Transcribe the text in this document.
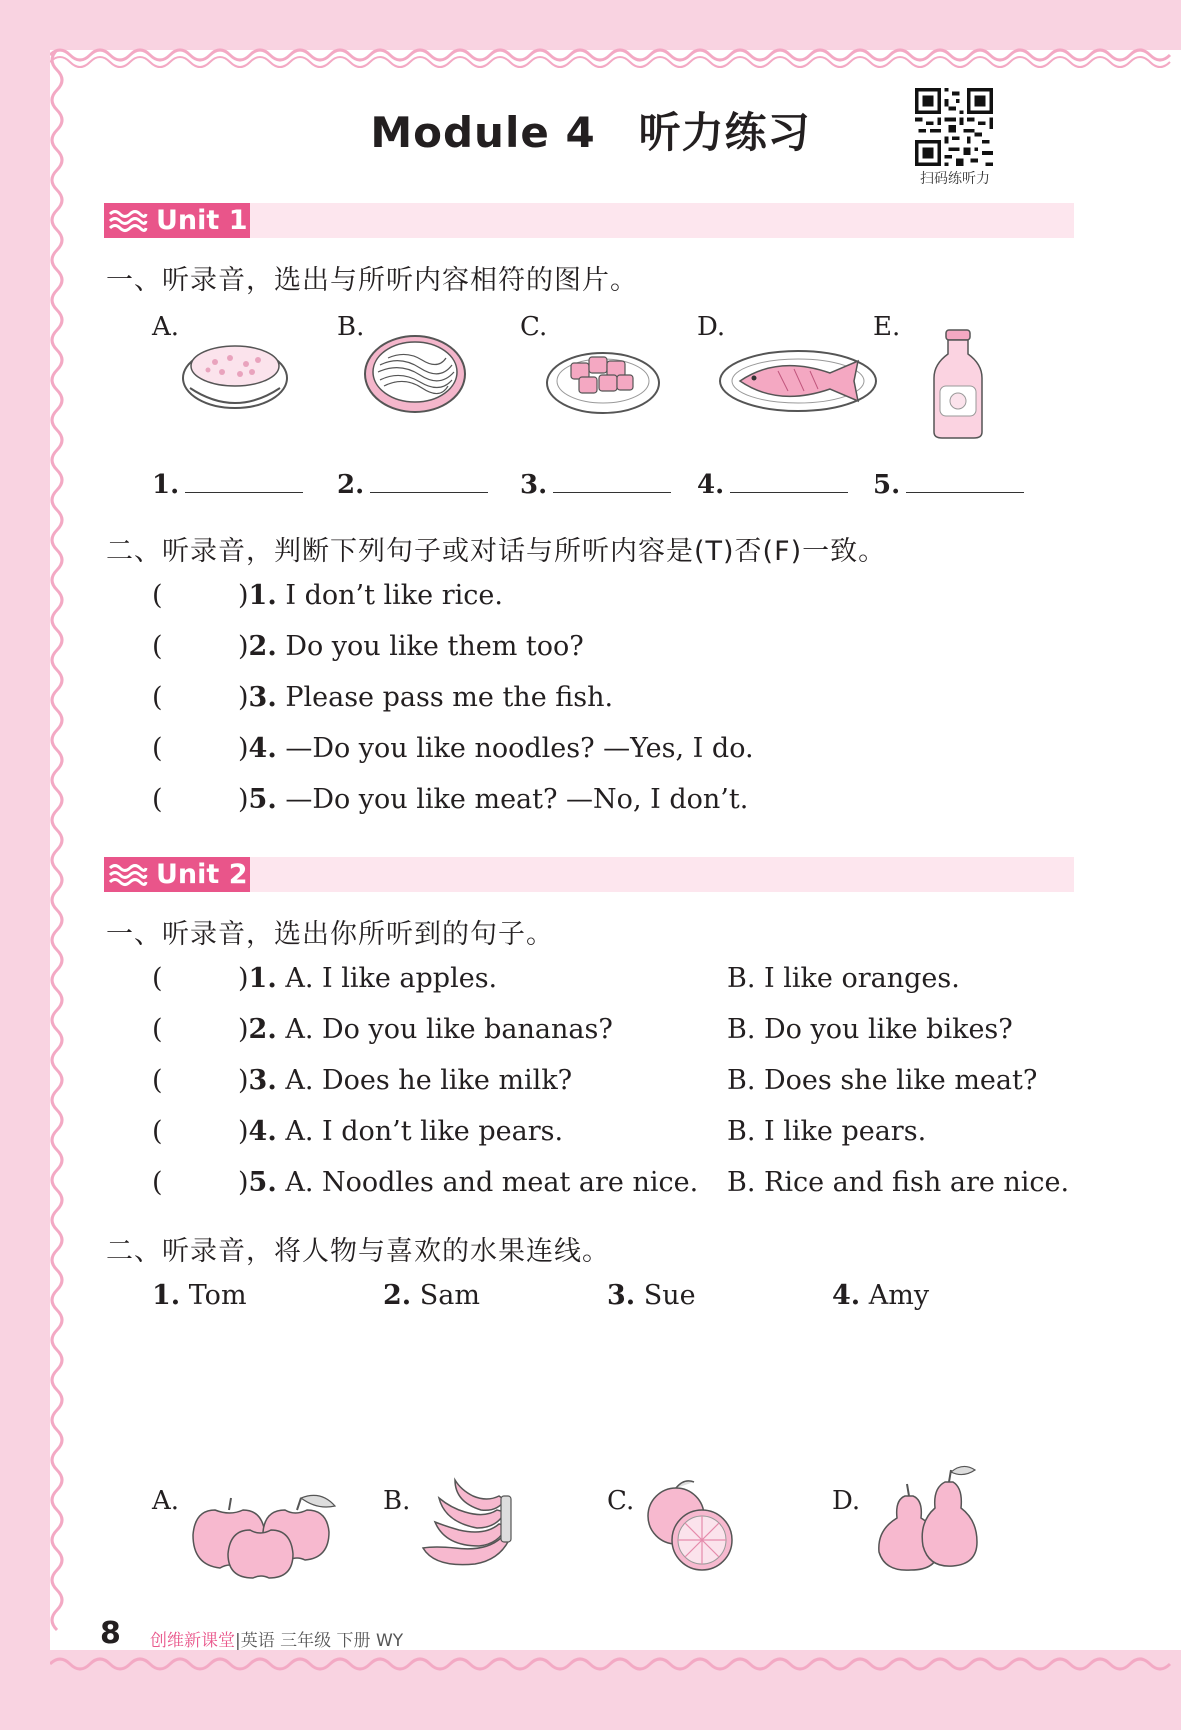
Module 4　听力练习
扫码练听力
Unit 1
一、听录音，选出与所听内容相符的图片。
A.	B.	C.	D.	E.
1.	2.	3.	4.	5.
二、听录音，判断下列句子或对话与所听内容是(T)否(F)一致。
(	)1. I don’t like rice.
(	)2. Do you like them too?
(	)3. Please pass me the fish.
(	)4. —Do you like noodles? —Yes, I do.
(	)5. —Do you like meat? —No, I don’t.
Unit 2
一、听录音，选出你所听到的句子。
(	)1. A. I like apples.	B. I like oranges.
(	)2. A. Do you like bananas?	B. Do you like bikes?
(	)3. A. Does he like milk?	B. Does she like meat?
(	)4. A. I don’t like pears.	B. I like pears.
(	)5. A. Noodles and meat are nice. B. Rice and fish are nice.
二、听录音，将人物与喜欢的水果连线。
1. Tom	2. Sam	3. Sue	4. Amy
A.	B.	C.	D.
8 创维新课堂|英语 三年级 下册 WY
